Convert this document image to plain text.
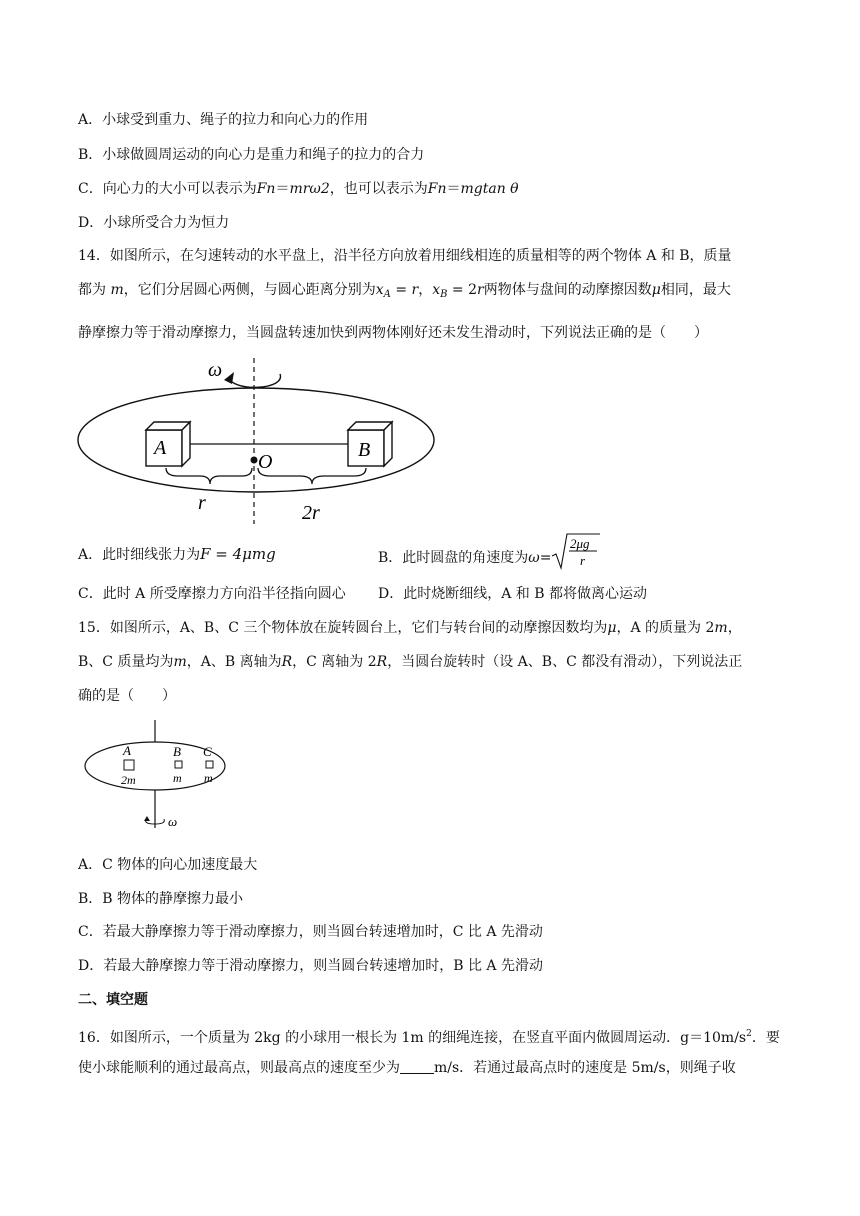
A．小球受到重力、绳子的拉力和向心力的作用
B．小球做圆周运动的向心力是重力和绳子的拉力的合力
C．向心力的大小可以表示为Fn＝mrω2，也可以表示为Fn＝mgtan θ
D．小球所受合力为恒力
14．如图所示，在匀速转动的水平盘上，沿半径方向放着用细线相连的质量相等的两个物体 A 和 B，质量
都为 m，它们分居圆心两侧，与圆心距离分别为$x_A = r$，$x_B = 2r$两物体与盘间的动摩擦因数μ相同，最大
静摩擦力等于滑动摩擦力，当圆盘转速加快到两物体刚好还未发生滑动时，下列说法正确的是（　　）
ω
A	B
O
r	2r
A．此时细线张力为F = 4μmg	B．此时圆盘的角速度为ω=
2μg
r
C．此时 A 所受摩擦力方向沿半径指向圆心 D．此时烧断细线，A 和 B 都将做离心运动
15．如图所示，A、B、C 三个物体放在旋转圆台上，它们与转台间的动摩擦因数均为μ，A 的质量为 2m，
B、C 质量均为m，A、B 离轴为R，C 离轴为 2R，当圆台旋转时（设 A、B、C 都没有滑动），下列说法正
确的是（　　）
A
2m
B
m
C
m
ω
A．C 物体的向心加速度最大
B．B 物体的静摩擦力最小
C．若最大静摩擦力等于滑动摩擦力，则当圆台转速增加时，C 比 A 先滑动
D．若最大静摩擦力等于滑动摩擦力，则当圆台转速增加时，B 比 A 先滑动
二、填空题
16．如图所示，一个质量为 2kg 的小球用一根长为 1m 的细绳连接，在竖直平面内做圆周运动．$g=10m/s^2$．要
使小球能顺利的通过最高点，则最高点的速度至少为 m/s．若通过最高点时的速度是 5m/s，则绳子收
